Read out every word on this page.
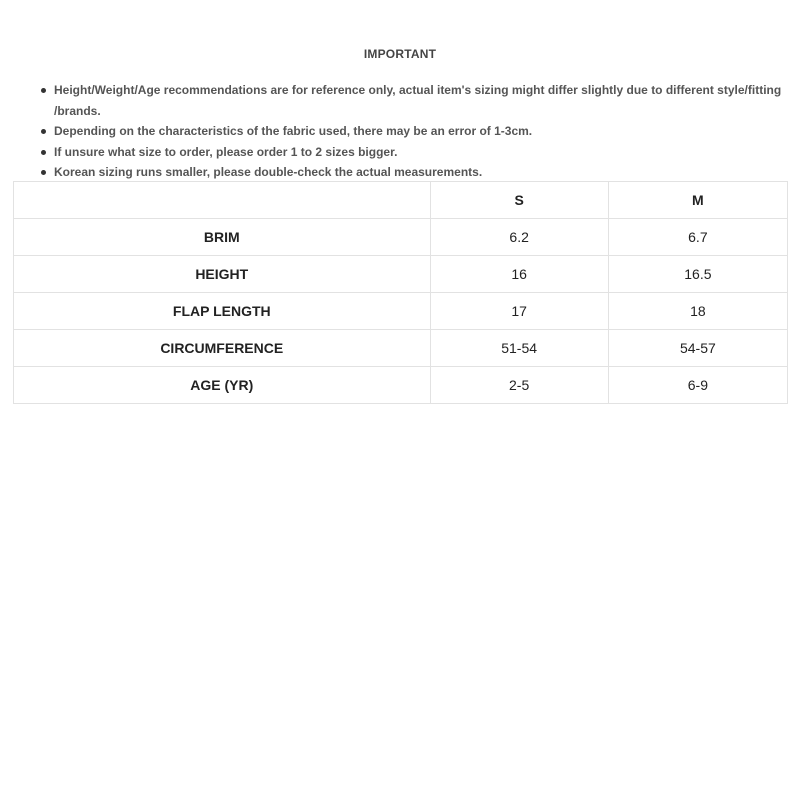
IMPORTANT
Height/Weight/Age recommendations are for reference only, actual item's sizing might differ slightly due to different style/fitting /brands.
Depending on the characteristics of the fabric used, there may be an error of 1-3cm.
If unsure what size to order, please order 1 to 2 sizes bigger.
Korean sizing runs smaller, please double-check the actual measurements.
	S	M
BRIM	6.2	6.7
HEIGHT	16	16.5
FLAP LENGTH	17	18
CIRCUMFERENCE	51-54	54-57
AGE (YR)	2-5	6-9
